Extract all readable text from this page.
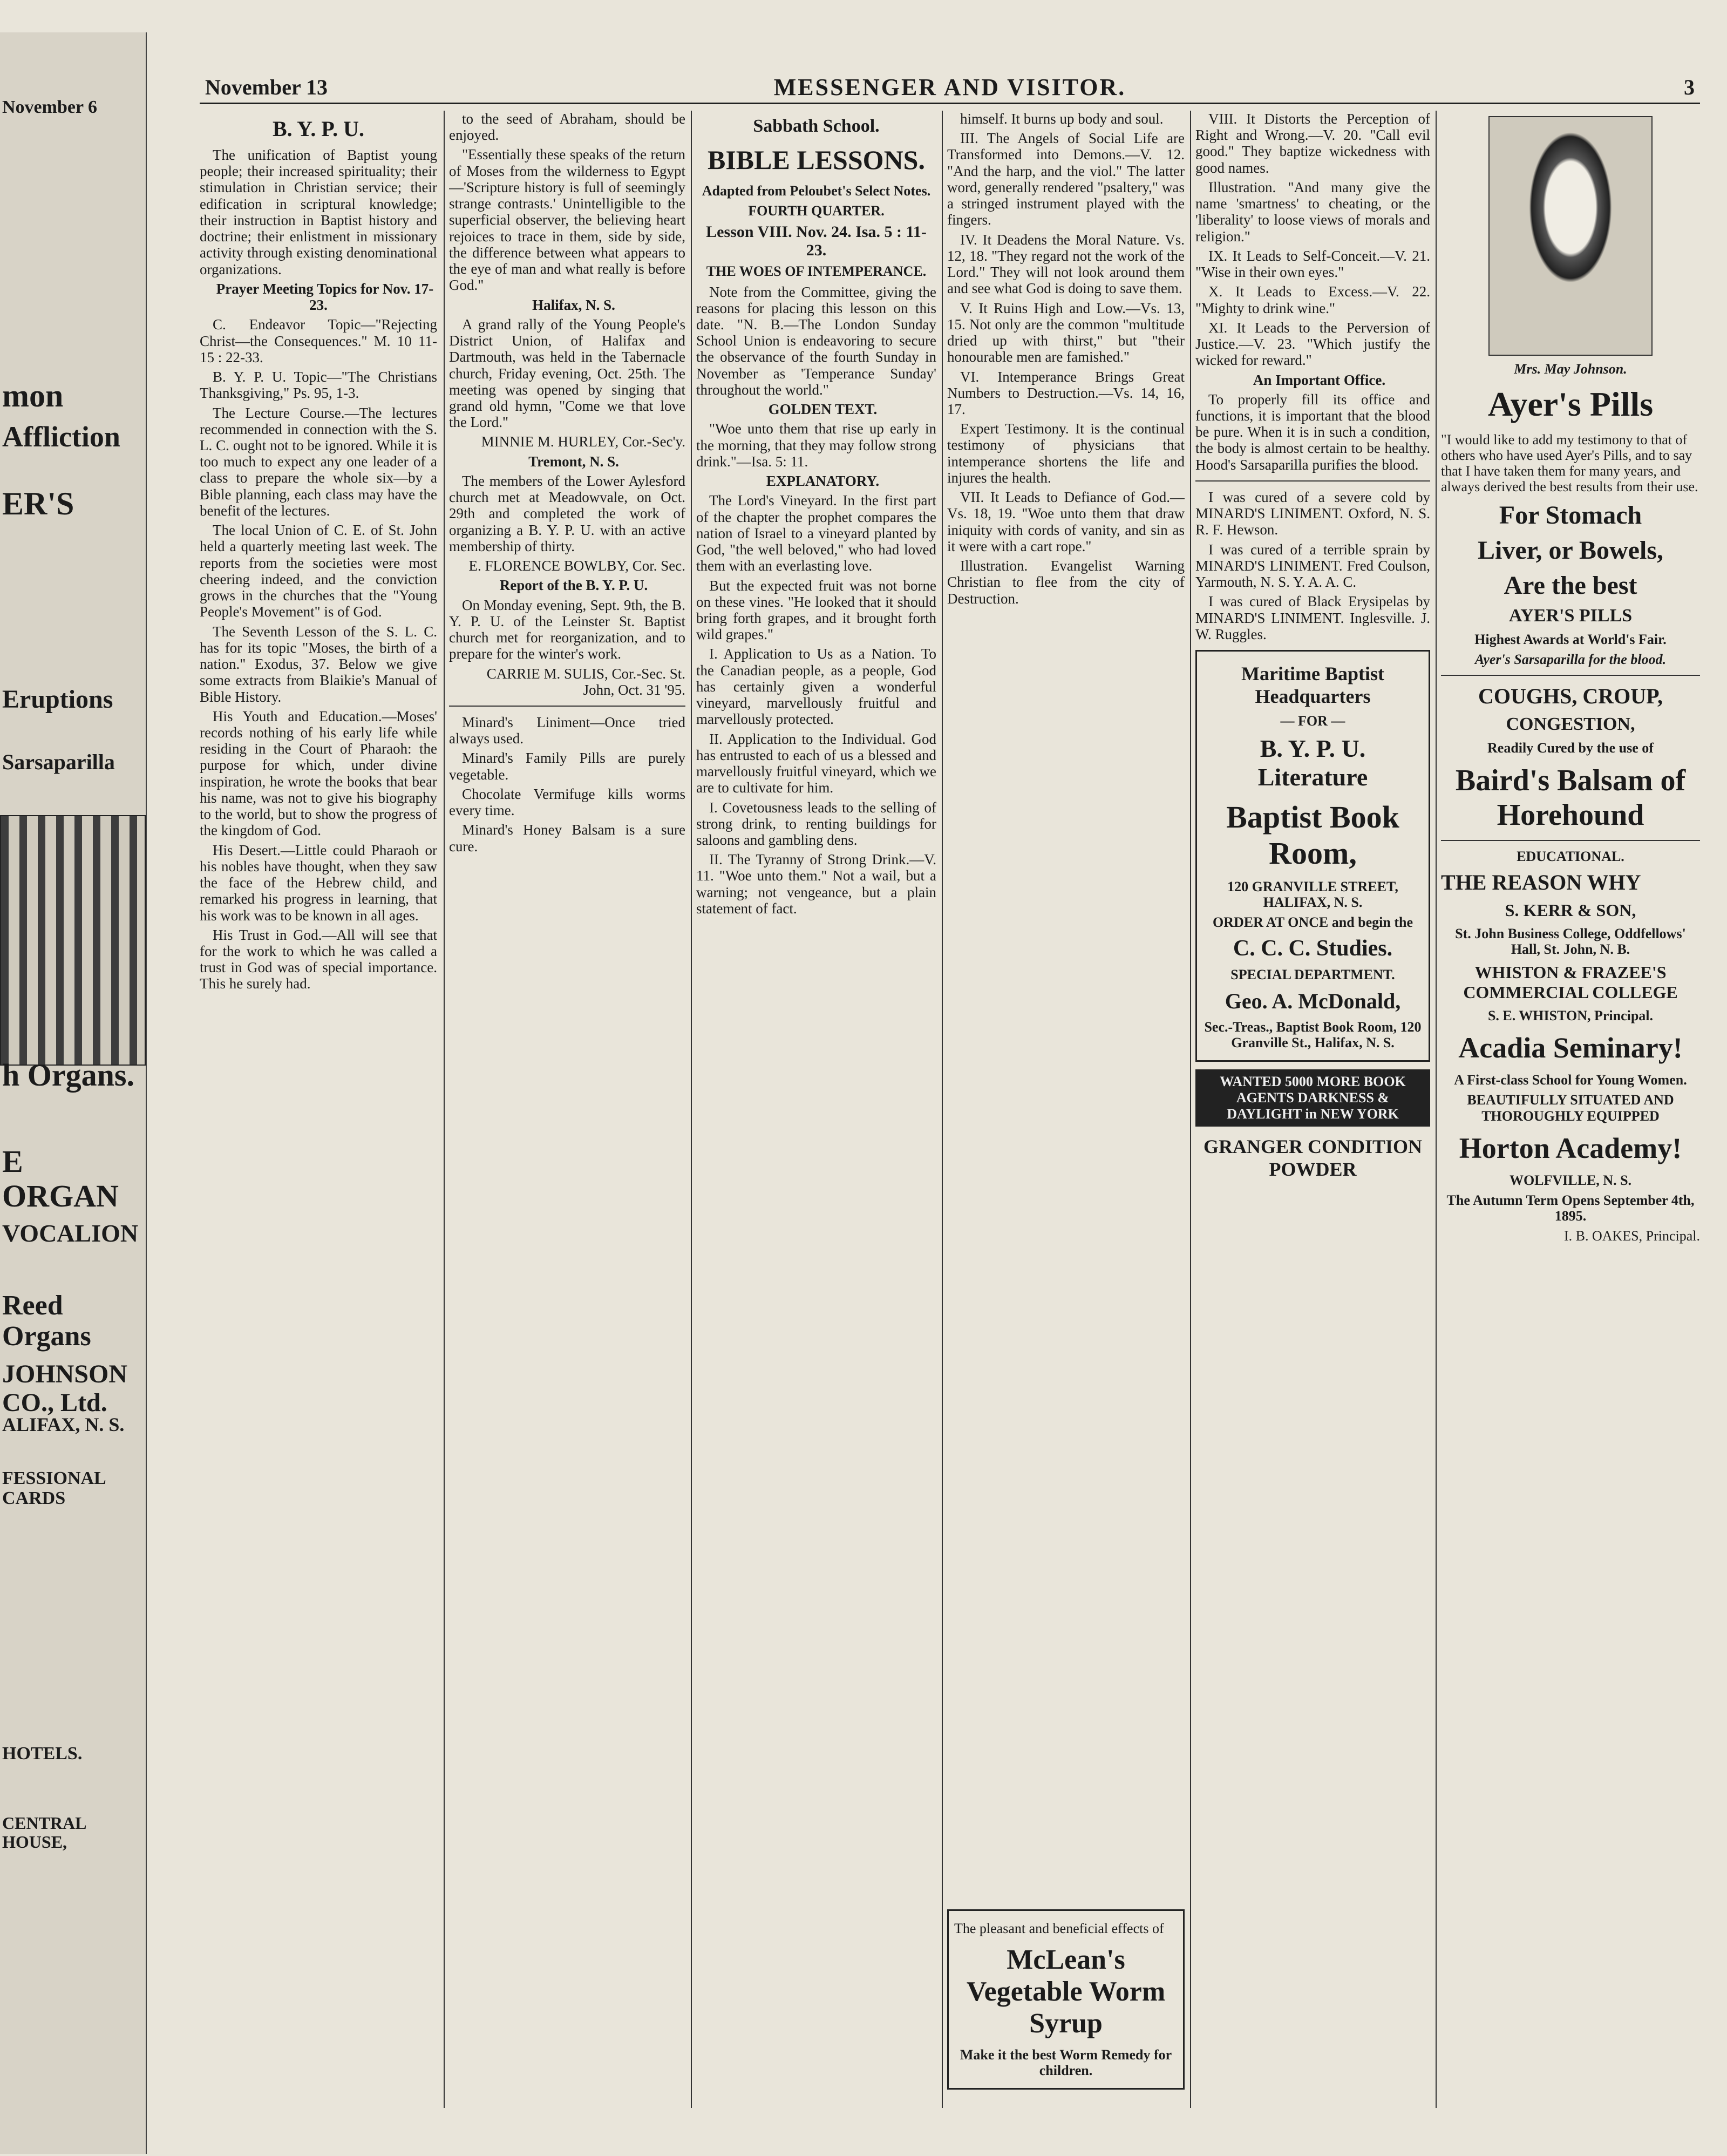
November 6
mon
Affliction
ER'S
Eruptions
Sarsaparilla
h Organs.
E ORGAN
VOCALION
Reed Organs
JOHNSON CO., Ltd.
ALIFAX, N. S.
FESSIONAL CARDS
HOTELS.
CENTRAL HOUSE,
November 13	MESSENGER AND VISITOR.	3
B. Y. P. U.

The unification of Baptist young people; their increased spirituality; their stimulation in Christian service; their edification in scriptural knowledge; their instruction in Baptist history and doctrine; their enlistment in missionary activity through existing denominational organizations.

Prayer Meeting Topics for Nov. 17-23.

C. Endeavor Topic—"Rejecting Christ—the Consequences." M. 10 11-15 : 22-33.

B. Y. P. U. Topic—"The Christians Thanksgiving," Ps. 95, 1-3.

The Lecture Course.—The lectures recommended in connection with the S. L. C. ought not to be ignored. While it is too much to expect any one leader of a class to prepare the whole six—by a Bible planning, each class may have the benefit of the lectures.

The local Union of C. E. of St. John held a quarterly meeting last week. The reports from the societies were most cheering indeed, and the conviction grows in the churches that the "Young People's Movement" is of God.

The Seventh Lesson of the S. L. C. has for its topic "Moses, the birth of a nation." Exodus, 37. Below we give some extracts from Blaikie's Manual of Bible History.

His Youth and Education.—Moses' records nothing of his early life while residing in the Court of Pharaoh: the purpose for which, under divine inspiration, he wrote the books that bear his name, was not to give his biography to the world, but to show the progress of the kingdom of God.

His Desert.—Little could Pharaoh or his nobles have thought, when they saw the face of the Hebrew child, and remarked his progress in learning, that his work was to be known in all ages.

His Trust in God.—All will see that for the work to which he was called a trust in God was of special importance. This he surely had.

to the seed of Abraham, should be enjoyed.

"Essentially these speaks of the return of Moses from the wilderness to Egypt—'Scripture history is full of seemingly strange contrasts.' Unintelligible to the superficial observer, the believing heart rejoices to trace in them, side by side, the difference between what appears to the eye of man and what really is before God."

Halifax, N. S.

A grand rally of the Young People's District Union, of Halifax and Dartmouth, was held in the Tabernacle church, Friday evening, Oct. 25th. The meeting was opened by singing that grand old hymn, "Come we that love the Lord."

MINNIE M. HURLEY, Cor.-Sec'y.

Tremont, N. S.

The members of the Lower Aylesford church met at Meadowvale, on Oct. 29th and completed the work of organizing a B. Y. P. U. with an active membership of thirty.

E. FLORENCE BOWLBY, Cor. Sec.

Report of the B. Y. P. U.

On Monday evening, Sept. 9th, the B. Y. P. U. of the Leinster St. Baptist church met for reorganization, and to prepare for the winter's work.

CARRIE M. SULIS, Cor.-Sec. St. John, Oct. 31 '95.

Minard's Liniment—Once tried always used.

Minard's Family Pills are purely vegetable.

Chocolate Vermifuge kills worms every time.

Minard's Honey Balsam is a sure cure.

Sabbath School.
BIBLE LESSONS.
Adapted from Peloubet's Select Notes.
FOURTH QUARTER.
Lesson VIII. Nov. 24. Isa. 5 : 11-23.
THE WOES OF INTEMPERANCE.

Note from the Committee, giving the reasons for placing this lesson on this date. "N. B.—The London Sunday School Union is endeavoring to secure the observance of the fourth Sunday in November as 'Temperance Sunday' throughout the world."

GOLDEN TEXT.

"Woe unto them that rise up early in the morning, that they may follow strong drink."—Isa. 5: 11.

EXPLANATORY.

The Lord's Vineyard. In the first part of the chapter the prophet compares the nation of Israel to a vineyard planted by God, "the well beloved," who had loved them with an everlasting love.

But the expected fruit was not borne on these vines. "He looked that it should bring forth grapes, and it brought forth wild grapes."

I. Application to Us as a Nation. To the Canadian people, as a people, God has certainly given a wonderful vineyard, marvellously fruitful and marvellously protected.

II. Application to the Individual. God has entrusted to each of us a blessed and marvellously fruitful vineyard, which we are to cultivate for him.

I. Covetousness leads to the selling of strong drink, to renting buildings for saloons and gambling dens.

II. The Tyranny of Strong Drink.—V. 11. "Woe unto them." Not a wail, but a warning; not vengeance, but a plain statement of fact.

himself. It burns up body and soul.

III. The Angels of Social Life are Transformed into Demons.—V. 12. "And the harp, and the viol." The latter word, generally rendered "psaltery," was a stringed instrument played with the fingers.

IV. It Deadens the Moral Nature. Vs. 12, 18. "They regard not the work of the Lord." They will not look around them and see what God is doing to save them.

V. It Ruins High and Low.—Vs. 13, 15. Not only are the common "multitude dried up with thirst," but "their honourable men are famished."

VI. Intemperance Brings Great Numbers to Destruction.—Vs. 14, 16, 17.

Expert Testimony. It is the continual testimony of physicians that intemperance shortens the life and injures the health.

VII. It Leads to Defiance of God.—Vs. 18, 19. "Woe unto them that draw iniquity with cords of vanity, and sin as it were with a cart rope."

Illustration. Evangelist Warning Christian to flee from the city of Destruction.

The pleasant and beneficial effects of
McLean's Vegetable Worm Syrup
Make it the best Worm Remedy for children.

VIII. It Distorts the Perception of Right and Wrong.—V. 20. "Call evil good." They baptize wickedness with good names.

Illustration. "And many give the name 'smartness' to cheating, or the 'liberality' to loose views of morals and religion."

IX. It Leads to Self-Conceit.—V. 21. "Wise in their own eyes."

X. It Leads to Excess.—V. 22. "Mighty to drink wine."

XI. It Leads to the Perversion of Justice.—V. 23. "Which justify the wicked for reward."

An Important Office.

To properly fill its office and functions, it is important that the blood be pure. When it is in such a condition, the body is almost certain to be healthy. Hood's Sarsaparilla purifies the blood.

I was cured of a severe cold by MINARD'S LINIMENT. Oxford, N. S. R. F. Hewson.

I was cured of a terrible sprain by MINARD'S LINIMENT. Fred Coulson, Yarmouth, N. S. Y. A. A. C.

I was cured of Black Erysipelas by MINARD'S LINIMENT. Inglesville. J. W. Ruggles.

Maritime Baptist Headquarters
— FOR —
B. Y. P. U. Literature
Baptist Book Room,
120 GRANVILLE STREET, HALIFAX, N. S.
ORDER AT ONCE and begin the
C. C. C. Studies.
SPECIAL DEPARTMENT.
Geo. A. McDonald,
Sec.-Treas., Baptist Book Room, 120 Granville St., Halifax, N. S.
WANTED 5000 MORE BOOK AGENTS DARKNESS & DAYLIGHT in NEW YORK
GRANGER CONDITION POWDER
Mrs. May Johnson.
Ayer's Pills
"I would like to add my testimony to that of others who have used Ayer's Pills, and to say that I have taken them for many years, and always derived the best results from their use.
For Stomach
Liver, or Bowels,
Are the best
AYER'S PILLS
Highest Awards at World's Fair.
Ayer's Sarsaparilla for the blood.
COUGHS, CROUP,
CONGESTION,
Readily Cured by the use of
Baird's Balsam of Horehound
EDUCATIONAL.
THE REASON WHY
S. KERR & SON,
St. John Business College, Oddfellows' Hall, St. John, N. B.
WHISTON & FRAZEE'S COMMERCIAL COLLEGE
S. E. WHISTON, Principal.
Acadia Seminary!
A First-class School for Young Women.
BEAUTIFULLY SITUATED AND THOROUGHLY EQUIPPED
Horton Academy!
WOLFVILLE, N. S.
The Autumn Term Opens September 4th, 1895.
I. B. OAKES, Principal.
